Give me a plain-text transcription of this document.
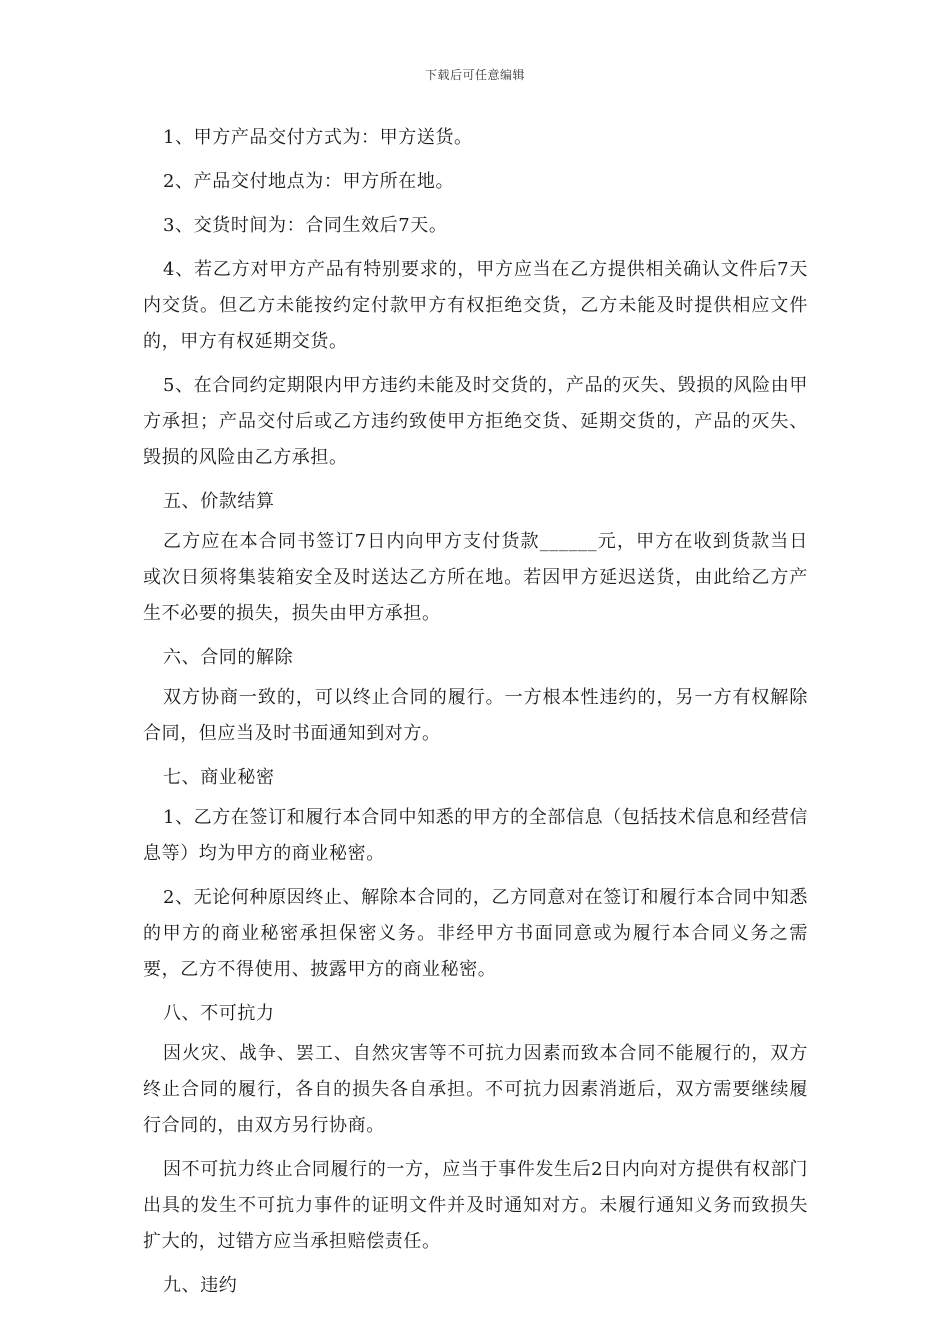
下载后可任意编辑

1、甲方产品交付方式为：甲方送货。

2、产品交付地点为：甲方所在地。

3、交货时间为：合同生效后7天。

4、若乙方对甲方产品有特别要求的，甲方应当在乙方提供相关确认文件后7天内交货。但乙方未能按约定付款甲方有权拒绝交货，乙方未能及时提供相应文件的，甲方有权延期交货。

5、在合同约定期限内甲方违约未能及时交货的，产品的灭失、毁损的风险由甲方承担；产品交付后或乙方违约致使甲方拒绝交货、延期交货的，产品的灭失、毁损的风险由乙方承担。

五、价款结算

乙方应在本合同书签订7日内向甲方支付货款______元，甲方在收到货款当日或次日须将集装箱安全及时送达乙方所在地。若因甲方延迟送货，由此给乙方产生不必要的损失，损失由甲方承担。

六、合同的解除

双方协商一致的，可以终止合同的履行。一方根本性违约的，另一方有权解除合同，但应当及时书面通知到对方。

七、商业秘密

1、乙方在签订和履行本合同中知悉的甲方的全部信息（包括技术信息和经营信息等）均为甲方的商业秘密。

2、无论何种原因终止、解除本合同的，乙方同意对在签订和履行本合同中知悉的甲方的商业秘密承担保密义务。非经甲方书面同意或为履行本合同义务之需要，乙方不得使用、披露甲方的商业秘密。

八、不可抗力

因火灾、战争、罢工、自然灾害等不可抗力因素而致本合同不能履行的，双方终止合同的履行，各自的损失各自承担。不可抗力因素消逝后，双方需要继续履行合同的，由双方另行协商。

因不可抗力终止合同履行的一方，应当于事件发生后2日内向对方提供有权部门出具的发生不可抗力事件的证明文件并及时通知对方。未履行通知义务而致损失扩大的，过错方应当承担赔偿责任。

九、违约
